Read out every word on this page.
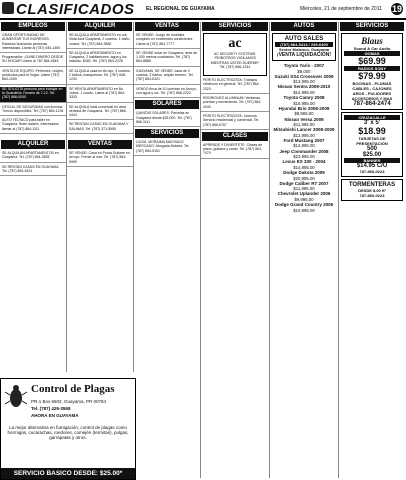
CLASIFICADOS EL REGIONAL DE GUAYAMA	Miércoles, 21 de septiembre de 2011 19
EMPLEOS
GRAN OPORTUNIDAD DE AUMENTAR TUS INGRESOS. Estamos buscando personas interesadas. Llame al (787) 545-1450
Programador: ¡GANE DINERO DESDE SU HOGAR! Llame al 787 864-4545
VENTA DE EQUIPO: Perfumes, relojes, productos para el hogar. Llame (787) 864-1000
SE SOLICITA persona para trabajar en la Guardería. Horario de 7-12. Tel. (787) 866-0000
OFICIAL DE SEGURIDAD con licencia. Turnos disponibles. Tel. (787) 864-1234
AUTO TECNICO para taller en Guayama. Buen salario. Interesados llamar al (787) 864-1111
ALQUILER
SE ALQUILAN APARTAMENTOS en Guayama. Tel. (787) 864-3535
SE RENTAN CASAS EN GUAYAMA. Tel. (787) 864-6161
ALQUILER
SE ALQUILA APARTAMENTO en urb. Vista Azul Guayama, 2 cuartos, 1 baño, cocina. Tel. (787) 864-9582
SE ALQUILA APARTAMENTO en Guayama, 2 habitaciones, agua y luz incluido. $450. Tel. (787) 864-2225
SE ALQUILA casa en Arroyo, 3 cuartos, 2 baños, marquesina. Tel. (787) 608-1234
SE RENTA APARTAMENTO en Bo. Jobos. 1 cuarto. Llame al (787) 864-3333
SE ALQUILA local comercial en área céntrica de Guayama. Tel. (787) 866-4444
SE RENTAN CASAS EN GUAYAMA Y SALINAS. Tel. (787) 371-5555
VENTAS
SE VENDE: Casa en Punta Guilarte en Arroyo. Frente al mar. Tel. (787) 864-9999
VENTAS
SE VENDE: Juego de muebles completo en excelentes condiciones. Llame al (787) 864-7777
SE VENDE solar en Guayama, área de 1,000 metros cuadrados. Tel. (787) 864-8888
GUAYAMA, SE VENDE: casa de 3 cuartos, 2 baños, amplio terreno. Tel. (787) 864-6321
VENDO finca de 10 cuerdas en Arroyo, con agua y luz. Tel. (787) 866-2222
SOLARES
QUINTAS SOLARES: Parcelas en Guayama desde $25,000. Tel. (787) 866-1111
SERVICIOS
LICDA. MORAIMA MACHADO MERCADO: Abogada-Notaria. Tel. (787) 864-5151
SERVICIOS
ac
AC SECURITY SYSTEMS: *ROBOTROS VIGILAMOS MIENTRAS USTED DUERME* Tel. (787) 866-1234
PERITO ELECTRICISTA: Trabajos eléctricos en general. Tel. (787) 864-2323
RODRIGUEZ ALUMINUM: Ventanas, puertas y tormenteras. Tel. (787) 864-4040
PERITO ELECTRICISTA: Licencia. Servicio residencial y comercial. Tel. (787) 866-6767
CLASES
APRENDE Y DIVIERTETE: Clases de piano, guitarra y canto. Tel. (787) 864-7070
AUTOS
AUTO SALES
(787) 864-5414 / 239-6400
Sector Molanco, Guayama
¡VENTA LIQUIDACIÓN!
Toyota Yaris - 2007
$9,000
Suzuki SX4 Crossover 2009
$13,995.00
Nissan Sentra 2009-2010
$14,995.00
Toyota Camry 2008
$16,995.00
Hyundai Brio 2008-2009
$9,995.00
Nissan Versa 2009
$11,995.00
Mitsubishi Lancer 2008-2009
$13,995.00
Ford Mustang 2007
$14,995.00
Jeep Commander 2008
$23,995.00
Lexus ES 330 - 2004
$14,995.00
Dodge Dakota 2009
$20,995.00
Dodge Caliber RT 2007
$11,995.00
Chevrolet Uplander 2006
$9,995.00
Dodge Grand Country 2006
$10,995.00
SERVICIOS
Blaus
Sound & Car Audio
GOMAS
$69.99
RADIOS SONY
$79.99
BOCINAS - PLUMAS
CABLES - CAJONES
AROS - PULIDORES
ACCESORIOS Y MAS
787-864-2474
CRUZACALLE
3' x 5'
$18.99
TARJETAS DE PRESENTACION
500
$25.00
BANNER
$14.95 C/U
787-866-0223
TORMENTERAS
DESDE $.00 ft²
787-866-0223
Control de Plagas
PR-1 Box 6602, Guayama, PR 00784
Tel. (787) 429-3558
AHORA EN GUAYAMA
La mejor alternativa en fumigación, control de plagas como hormigas, cucarachas, roedores, comején (termitas), pulgas, garrapatas y otros.
SERVICIO BASICO DESDE: $25.00*
